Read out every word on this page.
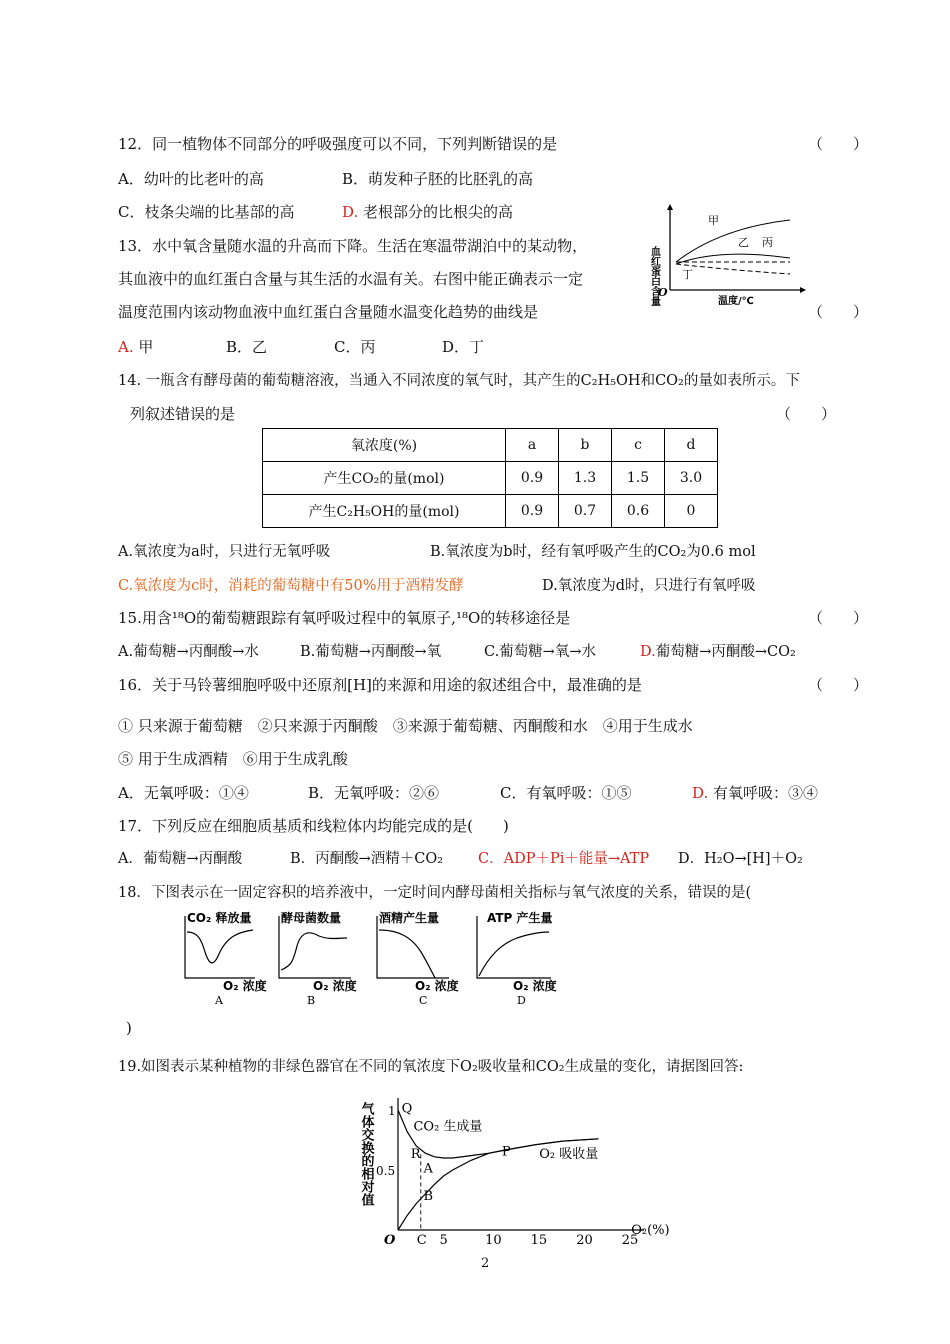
12．同一植物体不同部分的呼吸强度可以不同，下列判断错误的是	（　　）
A．幼叶的比老叶的高	B．萌发种子胚的比胚乳的高
C．枝条尖端的比基部的高	D. 老根部分的比根尖的高
13．水中氧含量随水温的升高而下降。生活在寒温带湖泊中的某动物，
其血液中的血红蛋白含量与其生活的水温有关。右图中能正确表示一定
温度范围内该动物血液中血红蛋白含量随水温变化趋势的曲线是	（　　）
A. 甲	B．乙	C．丙	D．丁
血红蛋白含量
O
温度/℃
甲
乙 丙
丁
14. 一瓶含有酵母菌的葡萄糖溶液，当通入不同浓度的氧气时，其产生的C₂H₅OH和CO₂的量如表所示。下
列叙述错误的是	（　　）
氧浓度(%)	a	b	c	d
产生CO₂的量(mol)	0.9	1.3	1.5	3.0
产生C₂H₅OH的量(mol)	0.9	0.7	0.6	0
A.氧浓度为a时，只进行无氧呼吸	B.氧浓度为b时，经有氧呼吸产生的CO₂为0.6 mol
C.氧浓度为c时，消耗的葡萄糖中有50%用于酒精发酵	D.氧浓度为d时，只进行有氧呼吸
15.用含¹⁸O的葡萄糖跟踪有氧呼吸过程中的氧原子,¹⁸O的转移途径是	（　　）
A.葡萄糖→丙酮酸→水	B.葡萄糖→丙酮酸→氧	C.葡萄糖→氧→水	D.葡萄糖→丙酮酸→CO₂
16．关于马铃薯细胞呼吸中还原剂[H]的来源和用途的叙述组合中，最准确的是	（　　）
① 只来源于葡萄糖　②只来源于丙酮酸　③来源于葡萄糖、丙酮酸和水　④用于生成水
⑤ 用于生成酒精　⑥用于生成乳酸
A．无氧呼吸：①④	B．无氧呼吸：②⑥	C．有氧呼吸：①⑤	D. 有氧呼吸：③④
17．下列反应在细胞质基质和线粒体内均能完成的是(　　)
A．葡萄糖→丙酮酸	B．丙酮酸→酒精＋CO₂ C．ADP＋Pi＋能量→ATP D．H₂O→[H]＋O₂
18．下图表示在一固定容积的培养液中，一定时间内酵母菌相关指标与氧气浓度的关系，错误的是(
)
CO₂ 释放量
O₂ 浓度
A
酵母菌数量
O₂ 浓度
B
酒精产生量
O₂ 浓度
C
ATP 产生量
O₂ 浓度
D
19.如图表示某种植物的非绿色器官在不同的氧浓度下O₂吸收量和CO₂生成量的变化，请据图回答:
气体交换的相对值	CO₂ 生成量
O₂ 吸收量
O C 5	10 15 20 25
O₂(%)
1
0.5
Q
R
A
B
P
2
